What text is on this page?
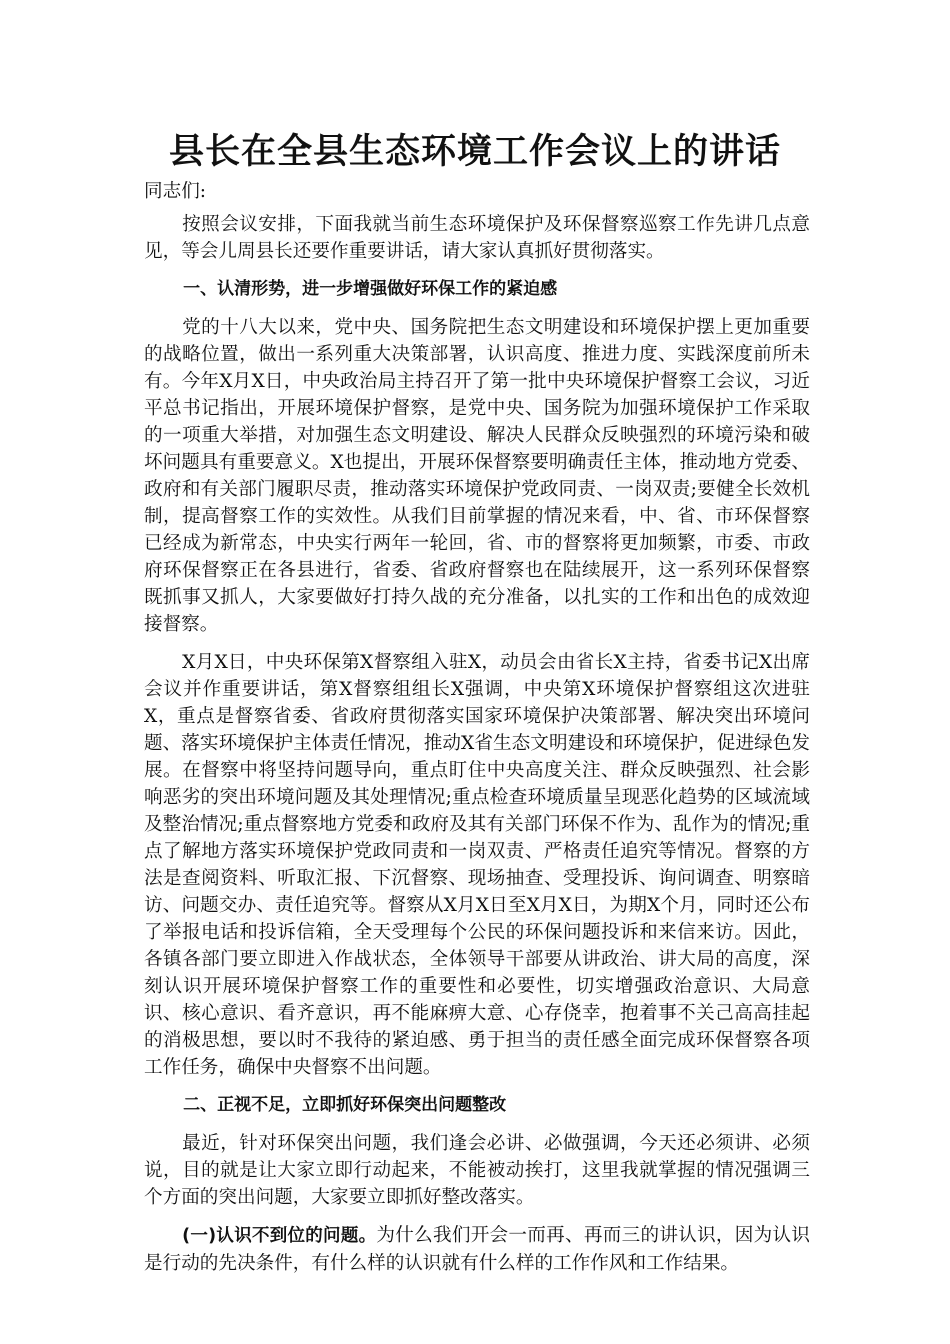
县长在全县生态环境工作会议上的讲话

同志们:

按照会议安排，下面我就当前生态环境保护及环保督察巡察工作先讲几点意见，等会儿周县长还要作重要讲话，请大家认真抓好贯彻落实。

一、认清形势，进一步增强做好环保工作的紧迫感

党的十八大以来，党中央、国务院把生态文明建设和环境保护摆上更加重要的战略位置，做出一系列重大决策部署，认识高度、推进力度、实践深度前所未有。今年X月X日，中央政治局主持召开了第一批中央环境保护督察工会议，习近平总书记指出，开展环境保护督察，是党中央、国务院为加强环境保护工作采取的一项重大举措，对加强生态文明建设、解决人民群众反映强烈的环境污染和破坏问题具有重要意义。X也提出，开展环保督察要明确责任主体，推动地方党委、政府和有关部门履职尽责，推动落实环境保护党政同责、一岗双责;要健全长效机制，提高督察工作的实效性。从我们目前掌握的情况来看，中、省、市环保督察已经成为新常态，中央实行两年一轮回，省、市的督察将更加频繁，市委、市政府环保督察正在各县进行，省委、省政府督察也在陆续展开，这一系列环保督察既抓事又抓人，大家要做好打持久战的充分准备，以扎实的工作和出色的成效迎接督察。

X月X日，中央环保第X督察组入驻X，动员会由省长X主持，省委书记X出席会议并作重要讲话，第X督察组组长X强调，中央第X环境保护督察组这次进驻X，重点是督察省委、省政府贯彻落实国家环境保护决策部署、解决突出环境问题、落实环境保护主体责任情况，推动X省生态文明建设和环境保护，促进绿色发展。在督察中将坚持问题导向，重点盯住中央高度关注、群众反映强烈、社会影响恶劣的突出环境问题及其处理情况;重点检查环境质量呈现恶化趋势的区域流域及整治情况;重点督察地方党委和政府及其有关部门环保不作为、乱作为的情况;重点了解地方落实环境保护党政同责和一岗双责、严格责任追究等情况。督察的方法是查阅资料、听取汇报、下沉督察、现场抽查、受理投诉、询问调查、明察暗访、问题交办、责任追究等。督察从X月X日至X月X日，为期X个月，同时还公布了举报电话和投诉信箱，全天受理每个公民的环保问题投诉和来信来访。因此，各镇各部门要立即进入作战状态，全体领导干部要从讲政治、讲大局的高度，深刻认识开展环境保护督察工作的重要性和必要性，切实增强政治意识、大局意识、核心意识、看齐意识，再不能麻痹大意、心存侥幸，抱着事不关己高高挂起的消极思想，要以时不我待的紧迫感、勇于担当的责任感全面完成环保督察各项工作任务，确保中央督察不出问题。

二、正视不足，立即抓好环保突出问题整改

最近，针对环保突出问题，我们逢会必讲、必做强调，今天还必须讲、必须说，目的就是让大家立即行动起来，不能被动挨打，这里我就掌握的情况强调三个方面的突出问题，大家要立即抓好整改落实。

(一)认识不到位的问题。为什么我们开会一而再、再而三的讲认识，因为认识是行动的先决条件，有什么样的认识就有什么样的工作作风和工作结果。
